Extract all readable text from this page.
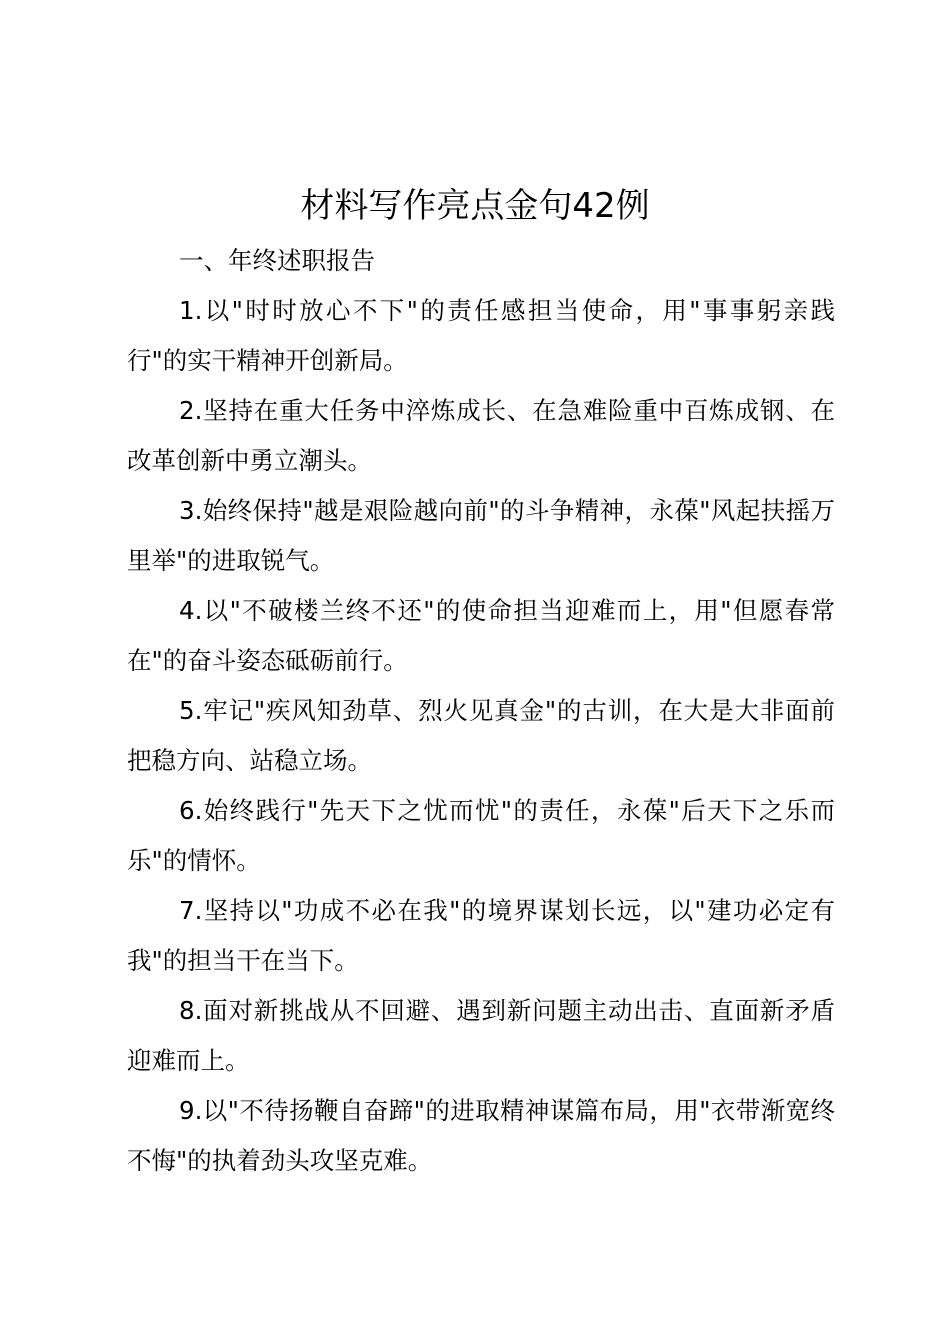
材料写作亮点金句42例

一、年终述职报告

1.以"时时放心不下"的责任感担当使命，用"事事躬亲践行"的实干精神开创新局。

2.坚持在重大任务中淬炼成长、在急难险重中百炼成钢、在改革创新中勇立潮头。

3.始终保持"越是艰险越向前"的斗争精神，永葆"风起扶摇万里举"的进取锐气。

4.以"不破楼兰终不还"的使命担当迎难而上，用"但愿春常在"的奋斗姿态砥砺前行。

5.牢记"疾风知劲草、烈火见真金"的古训，在大是大非面前把稳方向、站稳立场。

6.始终践行"先天下之忧而忧"的责任，永葆"后天下之乐而乐"的情怀。

7.坚持以"功成不必在我"的境界谋划长远，以"建功必定有我"的担当干在当下。

8.面对新挑战从不回避、遇到新问题主动出击、直面新矛盾迎难而上。

9.以"不待扬鞭自奋蹄"的进取精神谋篇布局，用"衣带渐宽终不悔"的执着劲头攻坚克难。
